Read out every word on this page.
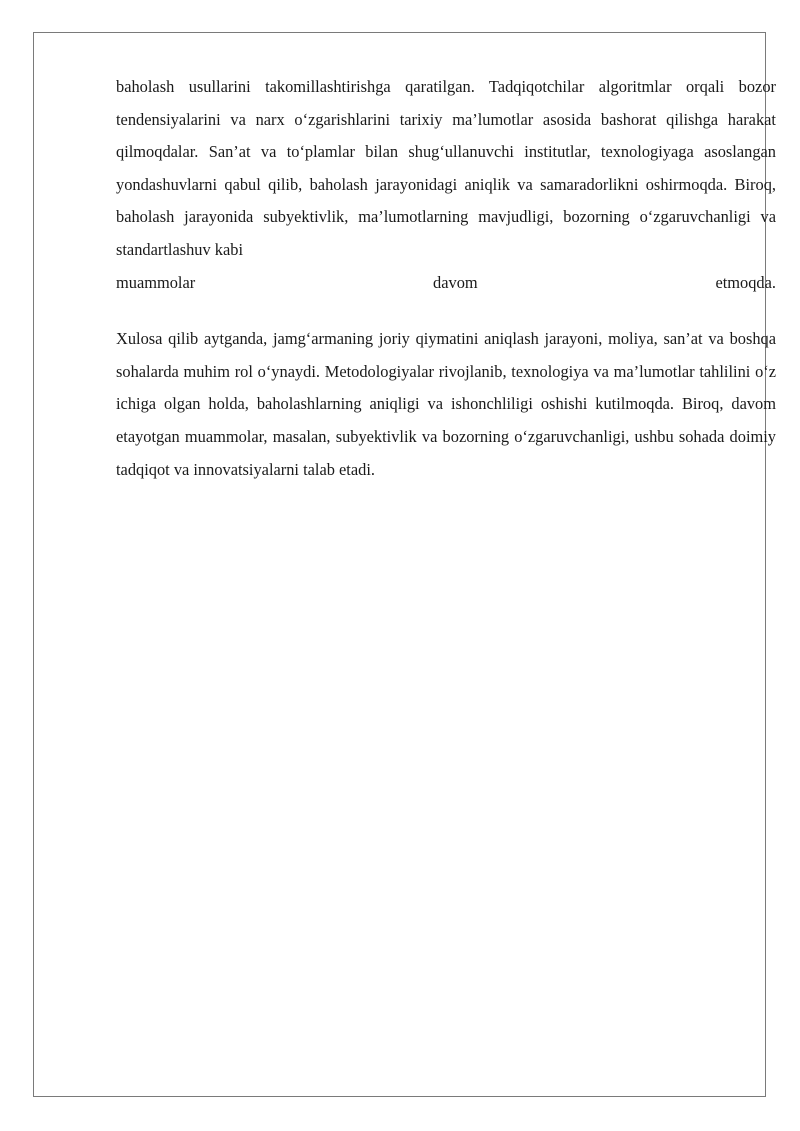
baholash usullarini takomillashtirishga qaratilgan. Tadqiqotchilar algoritmlar orqali bozor tendensiyalarini va narx o‘zgarishlarini tarixiy ma’lumotlar asosida bashorat qilishga harakat qilmoqdalar. San’at va to‘plamlar bilan shug‘ullanuvchi institutlar, texnologiyaga asoslangan yondashuvlarni qabul qilib, baholash jarayonidagi aniqlik va samaradorlikni oshirmoqda. Biroq, baholash jarayonida subyektivlik, ma’lumotlarning mavjudligi, bozorning o‘zgaruvchanligi va standartlashuv kabi

muammolar davom etmoqda.

Xulosa qilib aytganda, jamg‘armaning joriy qiymatini aniqlash jarayoni, moliya, san’at va boshqa sohalarda muhim rol o‘ynaydi. Metodologiyalar rivojlanib, texnologiya va ma’lumotlar tahlilini o‘z ichiga olgan holda, baholashlarning aniqligi va ishonchliligi oshishi kutilmoqda. Biroq, davom etayotgan muammolar, masalan, subyektivlik va bozorning o‘zgaruvchanligi, ushbu sohada doimiy tadqiqot va innovatsiyalarni talab etadi.
